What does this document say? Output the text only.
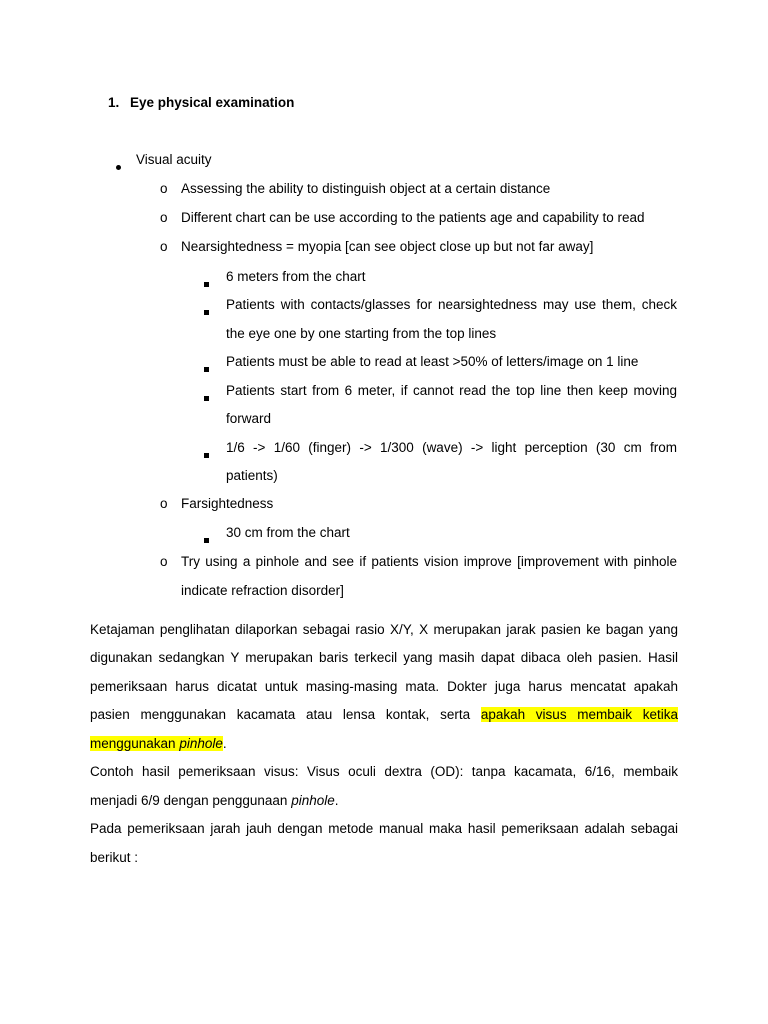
1. Eye physical examination
Visual acuity
o Assessing the ability to distinguish object at a certain distance
o Different chart can be use according to the patients age and capability to read
o Nearsightedness = myopia [can see object close up but not far away]
6 meters from the chart
Patients with contacts/glasses for nearsightedness may use them, check
the eye one by one starting from the top lines
Patients must be able to read at least >50% of letters/image on 1 line
Patients start from 6 meter, if cannot read the top line then keep moving
forward
1/6 -> 1/60 (finger) -> 1/300 (wave) -> light perception (30 cm from
patients)
o Farsightedness
30 cm from the chart
o Try using a pinhole and see if patients vision improve [improvement with pinhole
indicate refraction disorder]
Ketajaman penglihatan dilaporkan sebagai rasio X/Y, X merupakan jarak pasien ke bagan yang
digunakan sedangkan Y merupakan baris terkecil yang masih dapat dibaca oleh pasien. Hasil
pemeriksaan harus dicatat untuk masing-masing mata. Dokter juga harus mencatat apakah
pasien menggunakan kacamata atau lensa kontak, serta apakah visus membaik ketika
menggunakan pinhole.
Contoh hasil pemeriksaan visus: Visus oculi dextra (OD): tanpa kacamata, 6/16, membaik
menjadi 6/9 dengan penggunaan pinhole.
Pada pemeriksaan jarah jauh dengan metode manual maka hasil pemeriksaan adalah sebagai
berikut :
